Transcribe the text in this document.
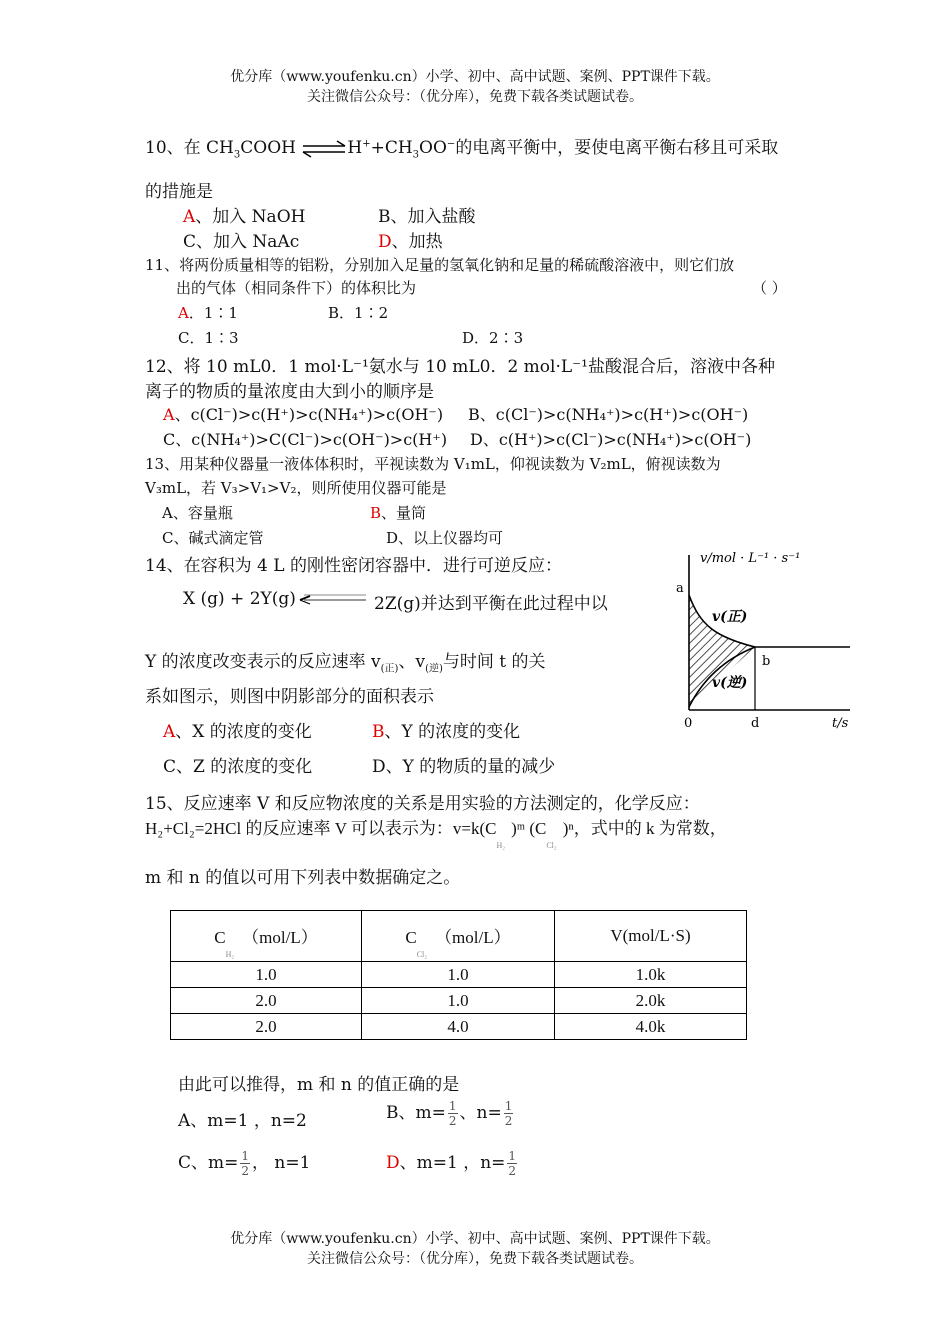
优分库（www.youfenku.cn）小学、初中、高中试题、案例、PPT课件下载。
关注微信公众号：（优分库），免费下载各类试题试卷。
10、在 $CH_3COOH$ $\rightleftharpoons H^++CH_3OO^-$的电离平衡中，要使电离平衡右移且可采取
的措施是
A、加入 NaOH	B、加入盐酸
C、加入 NaAc	D、加热
11、将两份质量相等的铝粉，分别加入足量的氢氧化钠和足量的稀硫酸溶液中，则它们放
出的气体（相同条件下）的体积比为	（ ）
A．1∶1	B．1∶2
C．1∶3	D．2∶3
12、将 10 mL0．1 mol·L⁻¹氨水与 10 mL0．2 mol·L⁻¹盐酸混合后，溶液中各种
离子的物质的量浓度由大到小的顺序是
A、c(Cl⁻)>c(H⁺)>c(NH₄⁺)>c(OH⁻) B、c(Cl⁻)>c(NH₄⁺)>c(H⁺)>c(OH⁻)
C、c(NH₄⁺)>C(Cl⁻)>c(OH⁻)>c(H⁺) D、c(H⁺)>c(Cl⁻)>c(NH₄⁺)>c(OH⁻)
13、用某种仪器量一液体体积时，平视读数为 V₁mL，仰视读数为 V₂mL，俯视读数为
V₃mL，若 V₃>V₁>V₂，则所使用仪器可能是
A、容量瓶	B、量筒
C、碱式滴定管	D、以上仪器均可
14、在容积为 4 L 的刚性密闭容器中．进行可逆反应：
X (g) + 2Y(g)	2Z(g)并达到平衡在此过程中以
Y 的浓度改变表示的反应速率 $v_{(正)}$、$v_{(逆)}$与时间 t 的关
系如图示，则图中阴影部分的面积表示
A、X 的浓度的变化	B、Y 的浓度的变化
C、Z 的浓度的变化	D、Y 的物质的量的减少
v/mol · L⁻¹ · s⁻¹
a
v(正)
b
v(逆)
0	d	t/s
15、反应速率 V 和反应物浓度的关系是用实验的方法测定的，化学反应：
H₂+Cl₂=2HCl 的反应速率 V 可以表示为：$v=k(C_{H_2})ᵐ$ $(C_{Cl_2})^n$，式中的 k 为常数，
m 和 n 的值以可用下列表中数据确定之。
$C_{H_2}(mol/L)$	$C_{Cl_2}(mol/L)$	V(mol/L·S)
1.0	1.0	1.0k
2.0	1.0	2.0k
2.0	4.0	4.0k
由此可以推得，m 和 n 的值正确的是
A、m=1 ，n=2	B、$m= \frac{1}{2}$ 、$n= \frac{1}{2}$
C、$m= \frac{1}{2}$ ， n=1	D、m=1 ，$n= \frac{1}{2}$
优分库（www.youfenku.cn）小学、初中、高中试题、案例、PPT课件下载。
关注微信公众号：（优分库），免费下载各类试题试卷。
